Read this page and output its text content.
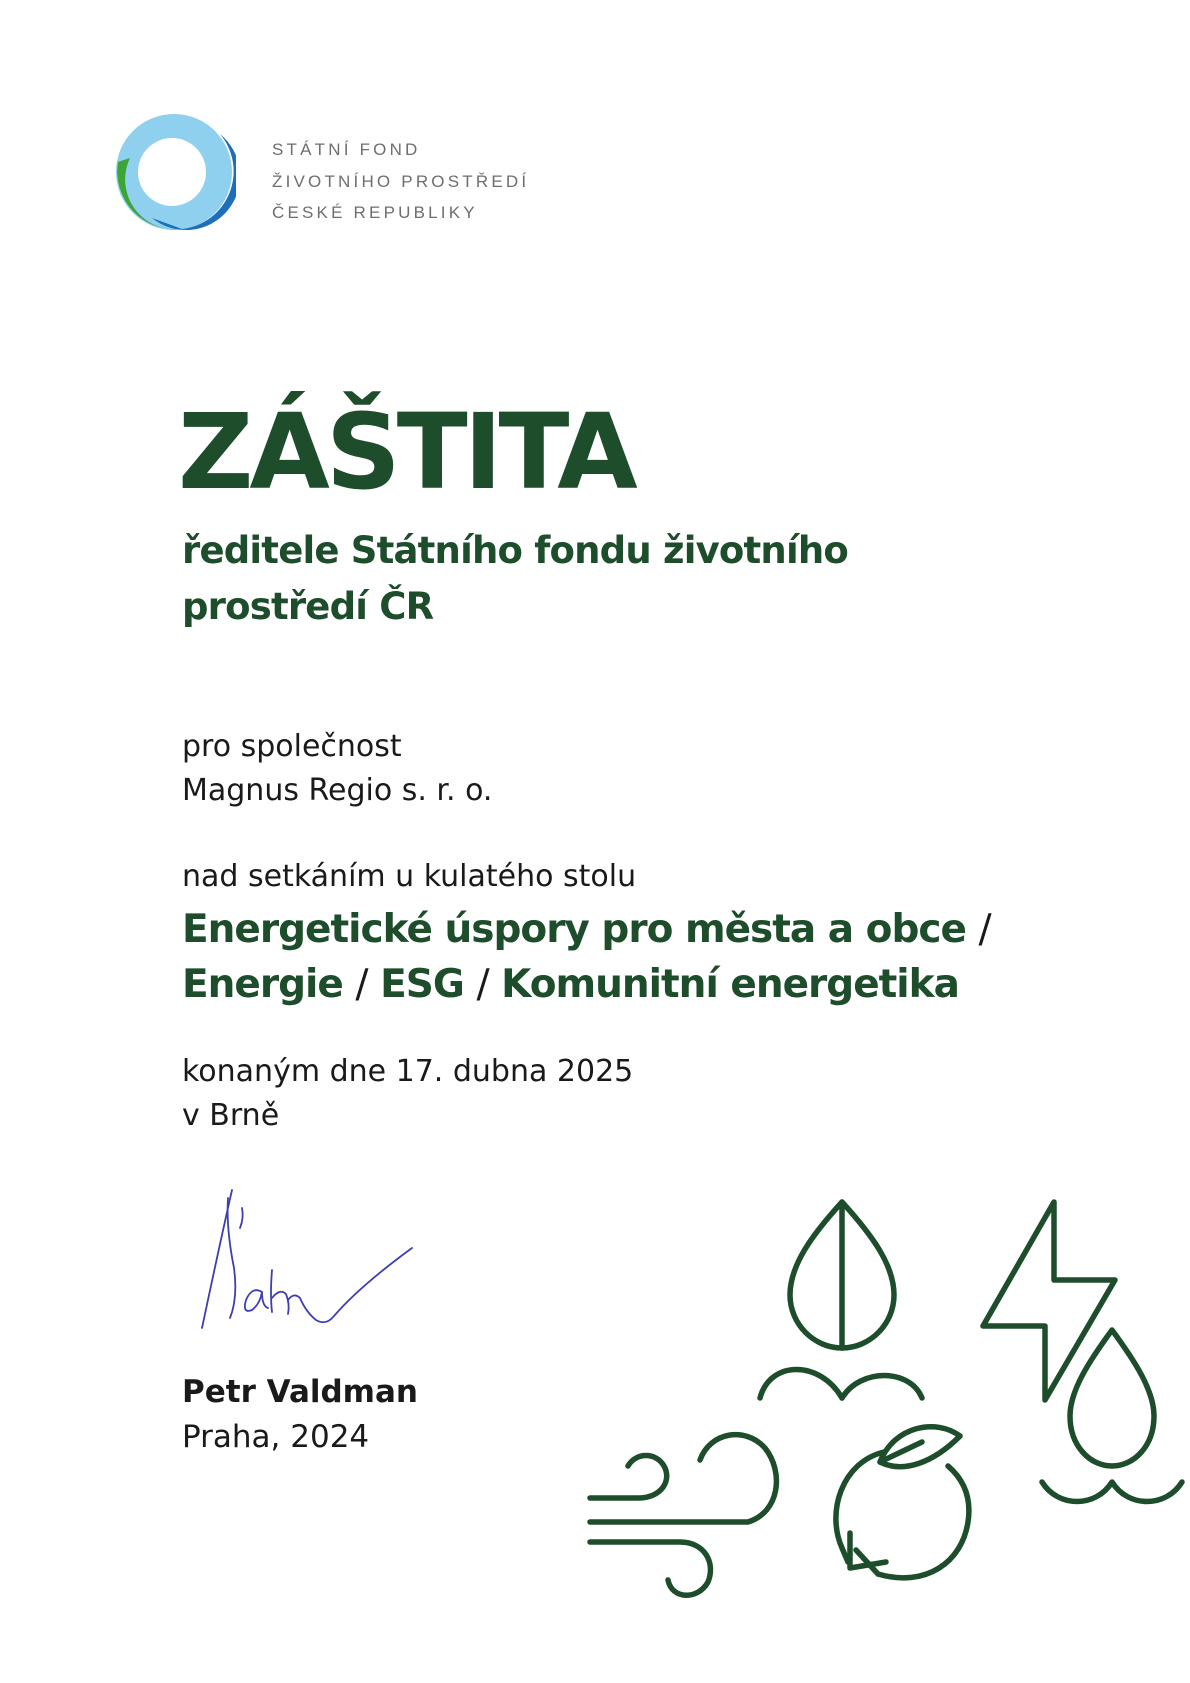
STÁTNÍ FOND
ŽIVOTNÍHO PROSTŘEDÍ
ČESKÉ REPUBLIKY
ZÁŠTITA
ředitele Státního fondu životního
prostředí ČR
pro společnost
Magnus Regio s. r. o.
nad setkáním u kulatého stolu
Energetické úspory pro města a obce /
Energie / ESG / Komunitní energetika
konaným dne 17. dubna 2025
v Brně
Petr Valdman
Praha, 2024
